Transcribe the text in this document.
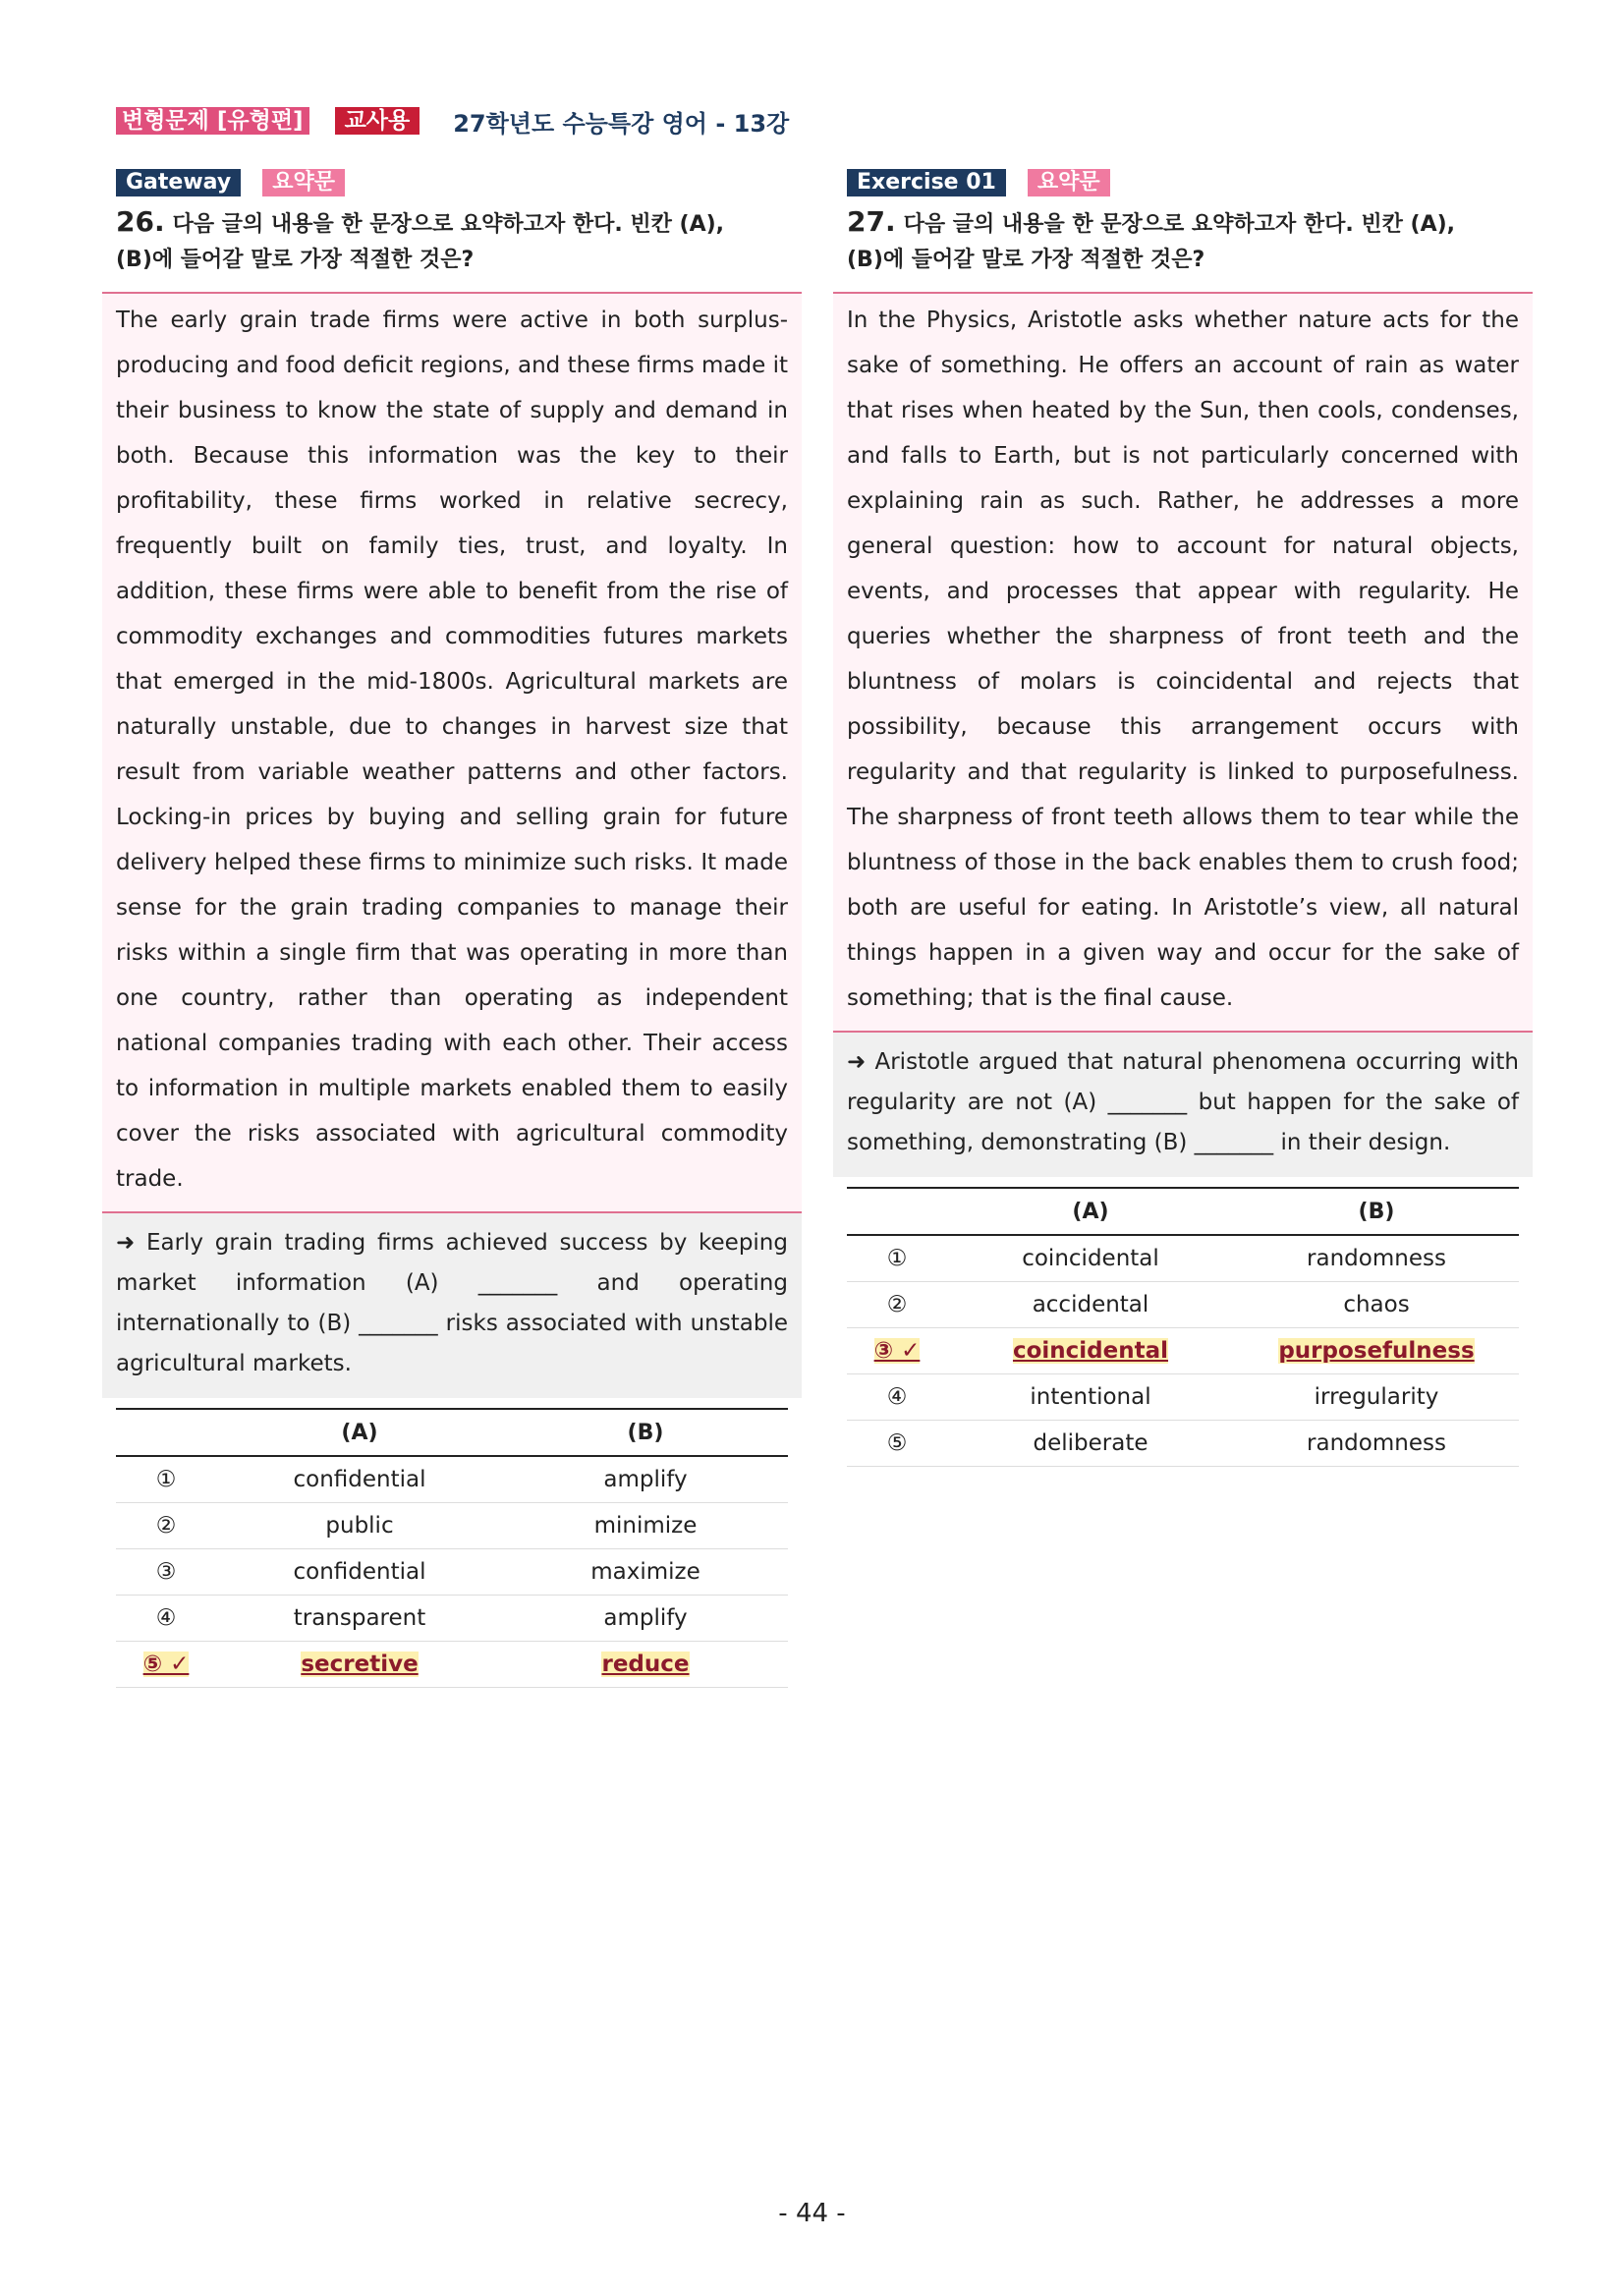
변형문제 [유형편]	교사용	27학년도 수능특강 영어 - 13강
Gateway	요약문
26. 다음 글의 내용을 한 문장으로 요약하고자 한다. 빈칸 (A),
(B)에 들어갈 말로 가장 적절한 것은?
The early grain trade firms were active in both surplus-producing and food deficit regions, and these firms made it their business to know the state of supply and demand in both. Because this information was the key to their profitability, these firms worked in relative secrecy, frequently built on family ties, trust, and loyalty. In addition, these firms were able to benefit from the rise of commodity exchanges and commodities futures markets that emerged in the mid-1800s. Agricultural markets are naturally unstable, due to changes in harvest size that result from variable weather patterns and other factors. Locking-in prices by buying and selling grain for future delivery helped these firms to minimize such risks. It made sense for the grain trading companies to manage their risks within a single firm that was operating in more than one country, rather than operating as independent national companies trading with each other. Their access to information in multiple markets enabled them to easily cover the risks associated with agricultural commodity trade.
➜ Early grain trading firms achieved success by keeping market information (A) _______ and operating internationally to (B) _______ risks associated with unstable agricultural markets.
	(A)	(B)
①	confidential	amplify
②	public	minimize
③	confidential	maximize
④	transparent	amplify
⑤ ✓	secretive	reduce
Exercise 01	요약문
27. 다음 글의 내용을 한 문장으로 요약하고자 한다. 빈칸 (A),
(B)에 들어갈 말로 가장 적절한 것은?
In the Physics, Aristotle asks whether nature acts for the sake of something. He offers an account of rain as water that rises when heated by the Sun, then cools, condenses, and falls to Earth, but is not particularly concerned with explaining rain as such. Rather, he addresses a more general question: how to account for natural objects, events, and processes that appear with regularity. He queries whether the sharpness of front teeth and the bluntness of molars is coincidental and rejects that possibility, because this arrangement occurs with regularity and that regularity is linked to purposefulness. The sharpness of front teeth allows them to tear while the bluntness of those in the back enables them to crush food; both are useful for eating. In Aristotle’s view, all natural things happen in a given way and occur for the sake of something; that is the final cause.
➜ Aristotle argued that natural phenomena occurring with regularity are not (A) _______ but happen for the sake of something, demonstrating (B) _______ in their design.
	(A)	(B)
①	coincidental	randomness
②	accidental	chaos
③ ✓	coincidental	purposefulness
④	intentional	irregularity
⑤	deliberate	randomness
- 44 -
